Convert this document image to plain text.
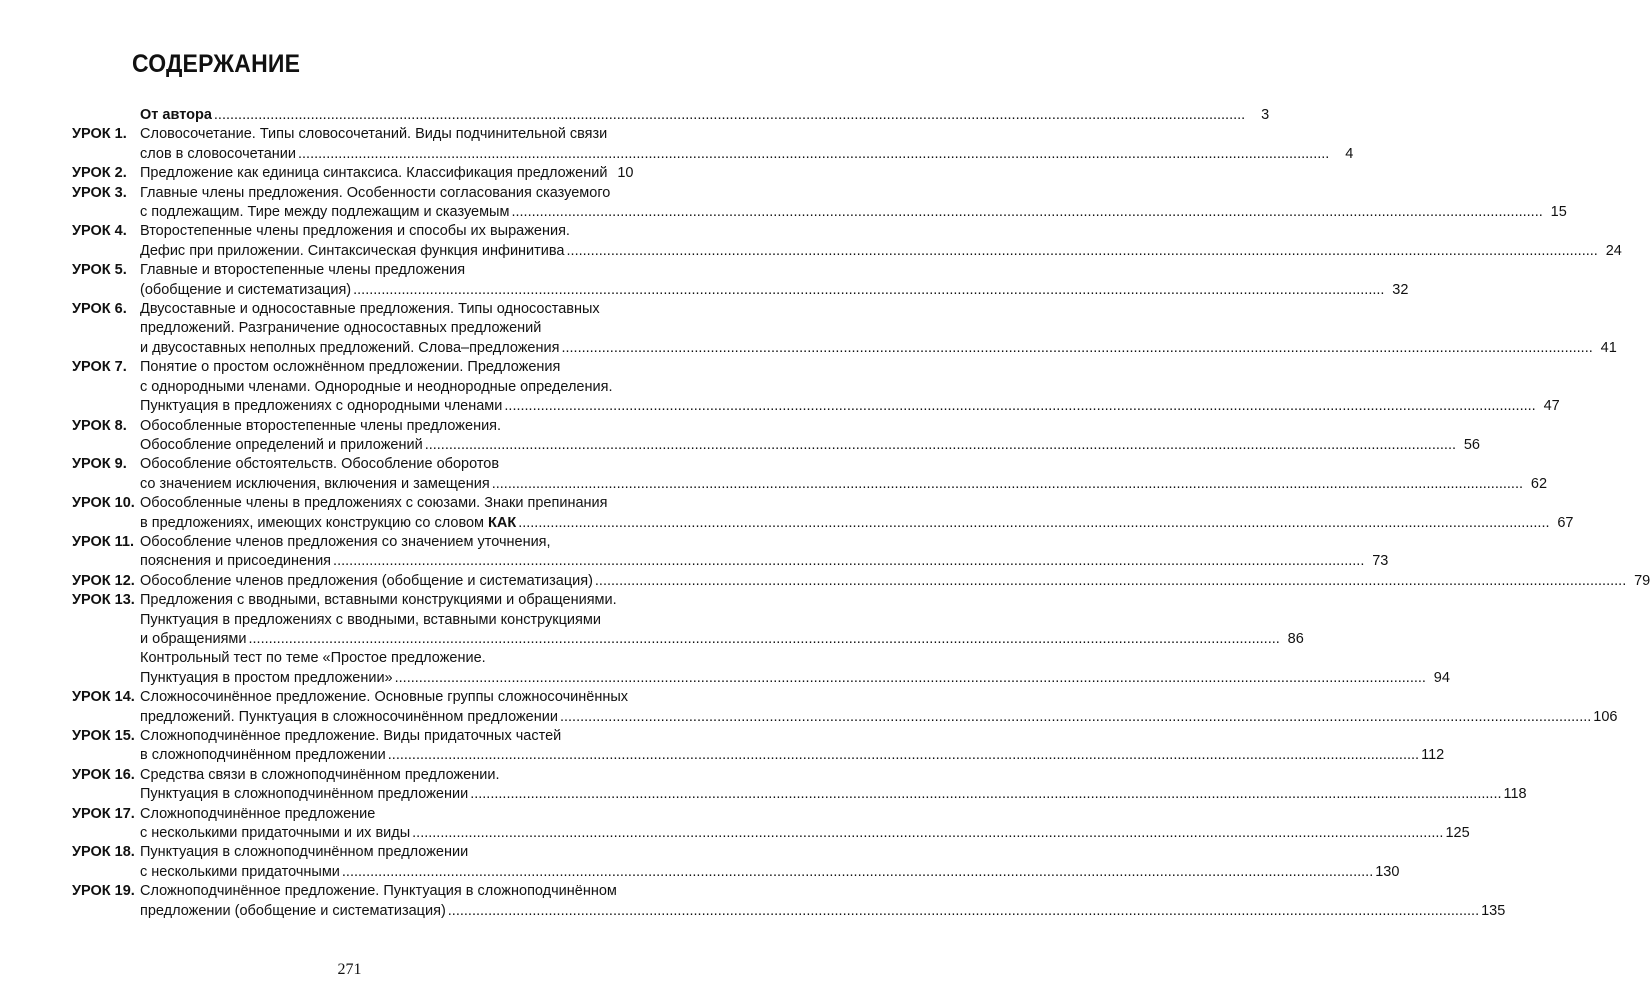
СОДЕРЖАНИЕ
От автора .....	3
УРОК 1. Словосочетание. Типы словосочетаний. Виды подчинительной связи
слов в словосочетании .....	4
УРОК 2. Предложение как единица синтаксиса. Классификация предложений 10
УРОК 3. Главные члены предложения. Особенности согласования сказуемого
с подлежащим. Тире между подлежащим и сказуемым .....	15
УРОК 4. Второстепенные члены предложения и способы их выражения.
Дефис при приложении. Синтаксическая функция инфинитива .....	24
УРОК 5. Главные и второстепенные члены предложения
(обобщение и систематизация) .....	32
УРОК 6. Двусоставные и односоставные предложения. Типы односоставных
предложений. Разграничение односоставных предложений
и двусоставных неполных предложений. Слова–предложения .....	41
УРОК 7. Понятие о простом осложнённом предложении. Предложения
с однородными членами. Однородные и неоднородные определения.
Пунктуация в предложениях с однородными членами .....	47
УРОК 8. Обособленные второстепенные члены предложения.
Обособление определений и приложений .....	56
УРОК 9. Обособление обстоятельств. Обособление оборотов
со значением исключения, включения и замещения .....	62
УРОК 10. Обособленные члены в предложениях с союзами. Знаки препинания
в предложениях, имеющих конструкцию со словом КАК .....	67
УРОК 11. Обособление членов предложения со значением уточнения,
пояснения и присоединения .....	73
УРОК 12. Обособление членов предложения (обобщение и систематизация) .....	79
УРОК 13. Предложения с вводными, вставными конструкциями и обращениями.
Пунктуация в предложениях с вводными, вставными конструкциями
и обращениями .....	86
Контрольный тест по теме «Простое предложение.
Пунктуация в простом предложении» .....	94
УРОК 14. Сложносочинённое предложение. Основные группы сложносочинённых
предложений. Пунктуация в сложносочинённом предложении .....	106
УРОК 15. Сложноподчинённое предложение. Виды придаточных частей
в сложноподчинённом предложении .....	112
УРОК 16. Средства связи в сложноподчинённом предложении.
Пунктуация в сложноподчинённом предложении .....	118
УРОК 17. Сложноподчинённое предложение
с несколькими придаточными и их виды .....	125
УРОК 18. Пунктуация в сложноподчинённом предложении
с несколькими придаточными .....	130
УРОК 19. Сложноподчинённое предложение. Пунктуация в сложноподчинённом
предложении (обобщение и систематизация) .....	135
271
